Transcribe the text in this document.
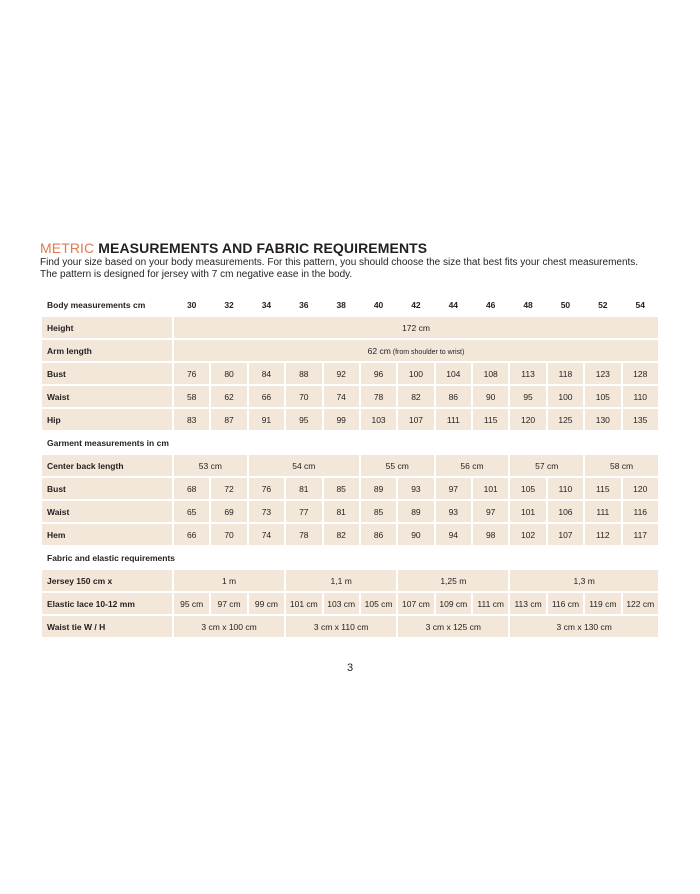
METRIC MEASUREMENTS AND FABRIC REQUIREMENTS
Find your size based on your body measurements. For this pattern, you should choose the size that best fits your chest measurements.
The pattern is designed for jersey with 7 cm negative ease in the body.
Body measurements cm	30	32	34	36	38	40	42	44	46	48	50	52	54
Height	172 cm												
Arm length	62 cm (from shoulder to wrist)												
Bust	76	80	84	88	92	96	100	104	108	113	118	123	128
Waist	58	62	66	70	74	78	82	86	90	95	100	105	110
Hip	83	87	91	95	99	103	107	111	115	120	125	130	135
Garment measurements in cm													
Center back length	53 cm		54 cm			55 cm		56 cm		57 cm		58 cm	
Bust	68	72	76	81	85	89	93	97	101	105	110	115	120
Waist	65	69	73	77	81	85	89	93	97	101	106	111	116
Hem	66	70	74	78	82	86	90	94	98	102	107	112	117
Fabric and elastic requirements													
Jersey 150 cm x	1 m			1,1 m			1,25 m			1,3 m			
Elastic lace 10-12 mm	95 cm	97 cm	99 cm	101 cm	103 cm	105 cm	107 cm	109 cm	111 cm	113 cm	116 cm	119 cm	122 cm
Waist tie W / H	3 cm x 100 cm			3 cm x 110 cm			3 cm x 125 cm			3 cm x 130 cm			
3
